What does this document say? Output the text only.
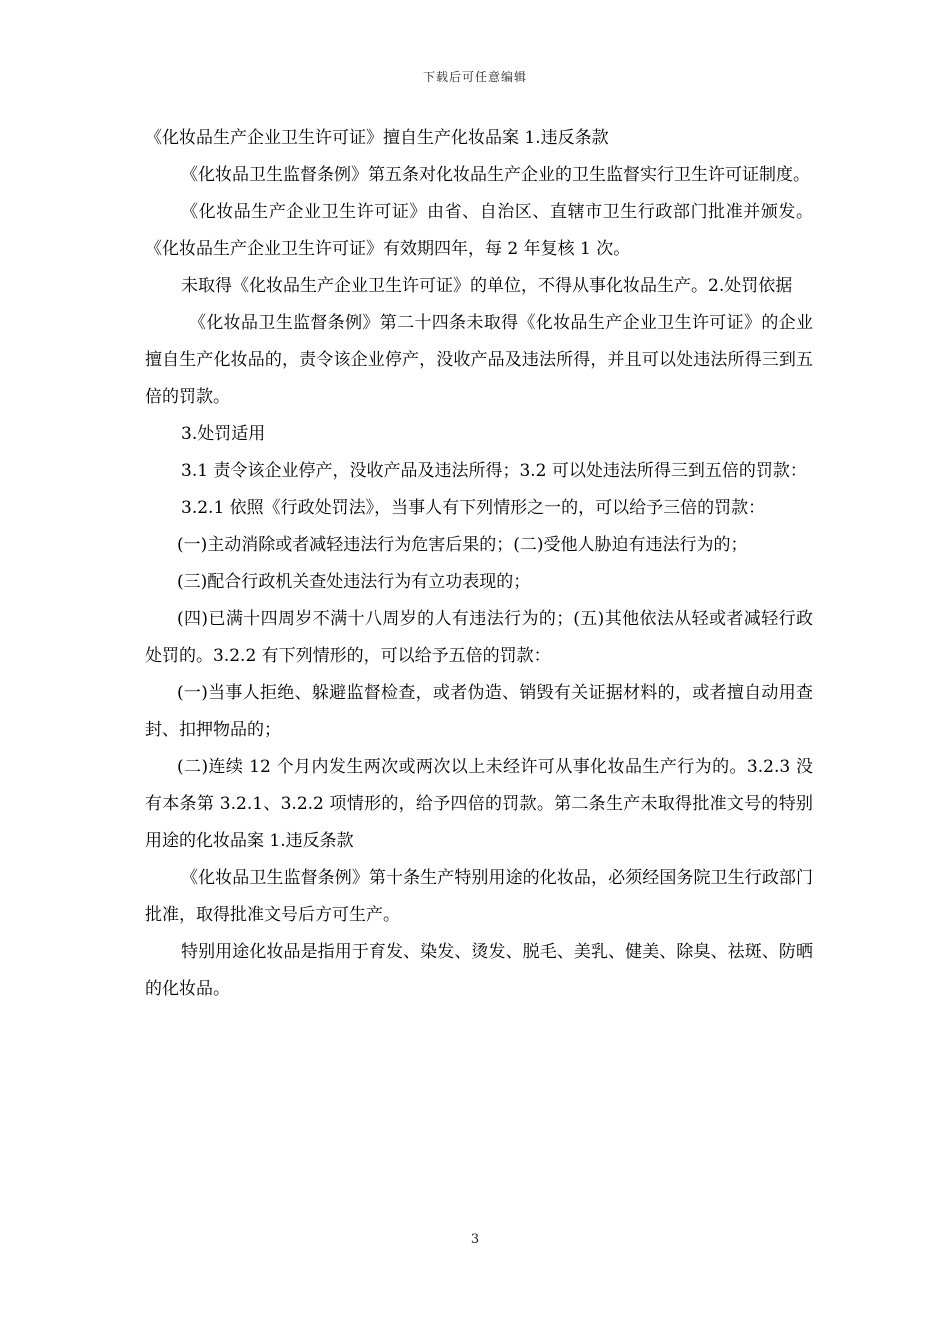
下载后可任意编辑

《化妆品生产企业卫生许可证》擅自生产化妆品案 1.违反条款

《化妆品卫生监督条例》第五条对化妆品生产企业的卫生监督实行卫生许可证制度。

《化妆品生产企业卫生许可证》由省、自治区、直辖市卫生行政部门批准并颁发。《化妆品生产企业卫生许可证》有效期四年，每 2 年复核 1 次。

未取得《化妆品生产企业卫生许可证》的单位，不得从事化妆品生产。2.处罚依据

《化妆品卫生监督条例》第二十四条未取得《化妆品生产企业卫生许可证》的企业擅自生产化妆品的，责令该企业停产，没收产品及违法所得，并且可以处违法所得三到五倍的罚款。

3.处罚适用

3.1 责令该企业停产，没收产品及违法所得；3.2 可以处违法所得三到五倍的罚款：

3.2.1 依照《行政处罚法》，当事人有下列情形之一的，可以给予三倍的罚款：

(一)主动消除或者减轻违法行为危害后果的；(二)受他人胁迫有违法行为的；

(三)配合行政机关查处违法行为有立功表现的；

(四)已满十四周岁不满十八周岁的人有违法行为的；(五)其他依法从轻或者减轻行政处罚的。3.2.2 有下列情形的，可以给予五倍的罚款：

(一)当事人拒绝、躲避监督检查，或者伪造、销毁有关证据材料的，或者擅自动用查封、扣押物品的；

(二)连续 12 个月内发生两次或两次以上未经许可从事化妆品生产行为的。3.2.3 没有本条第 3.2.1、3.2.2 项情形的，给予四倍的罚款。第二条生产未取得批准文号的特别用途的化妆品案 1.违反条款

《化妆品卫生监督条例》第十条生产特别用途的化妆品，必须经国务院卫生行政部门批准，取得批准文号后方可生产。

特别用途化妆品是指用于育发、染发、烫发、脱毛、美乳、健美、除臭、祛斑、防晒的化妆品。

3
